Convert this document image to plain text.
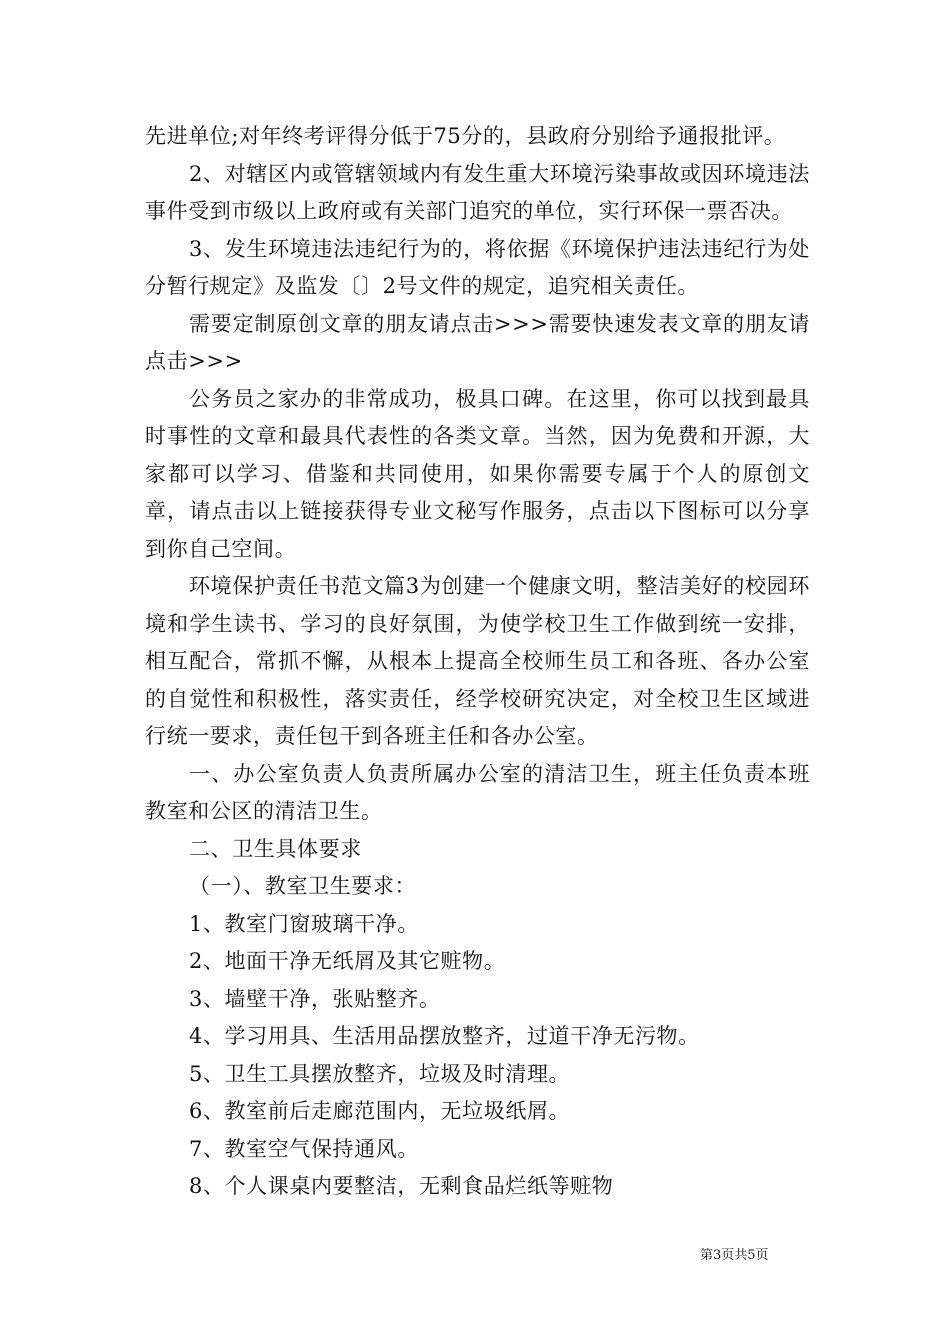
先进单位;对年终考评得分低于75分的，县政府分别给予通报批评。

2、对辖区内或管辖领域内有发生重大环境污染事故或因环境违法事件受到市级以上政府或有关部门追究的单位，实行环保一票否决。

3、发生环境违法违纪行为的，将依据《环境保护违法违纪行为处分暂行规定》及监发〔〕2号文件的规定，追究相关责任。

需要定制原创文章的朋友请点击>>>需要快速发表文章的朋友请点击>>>

公务员之家办的非常成功，极具口碑。在这里，你可以找到最具时事性的文章和最具代表性的各类文章。当然，因为免费和开源，大家都可以学习、借鉴和共同使用，如果你需要专属于个人的原创文章，请点击以上链接获得专业文秘写作服务，点击以下图标可以分享到你自己空间。

环境保护责任书范文篇3为创建一个健康文明，整洁美好的校园环境和学生读书、学习的良好氛围，为使学校卫生工作做到统一安排，相互配合，常抓不懈，从根本上提高全校师生员工和各班、各办公室的自觉性和积极性，落实责任，经学校研究决定，对全校卫生区域进行统一要求，责任包干到各班主任和各办公室。

一、办公室负责人负责所属办公室的清洁卫生，班主任负责本班教室和公区的清洁卫生。

二、卫生具体要求

（一）、教室卫生要求：

1、教室门窗玻璃干净。

2、地面干净无纸屑及其它赃物。

3、墙壁干净，张贴整齐。

4、学习用具、生活用品摆放整齐，过道干净无污物。

5、卫生工具摆放整齐，垃圾及时清理。

6、教室前后走廊范围内，无垃圾纸屑。

7、教室空气保持通风。

8、个人课桌内要整洁，无剩食品烂纸等赃物

第3页共5页
